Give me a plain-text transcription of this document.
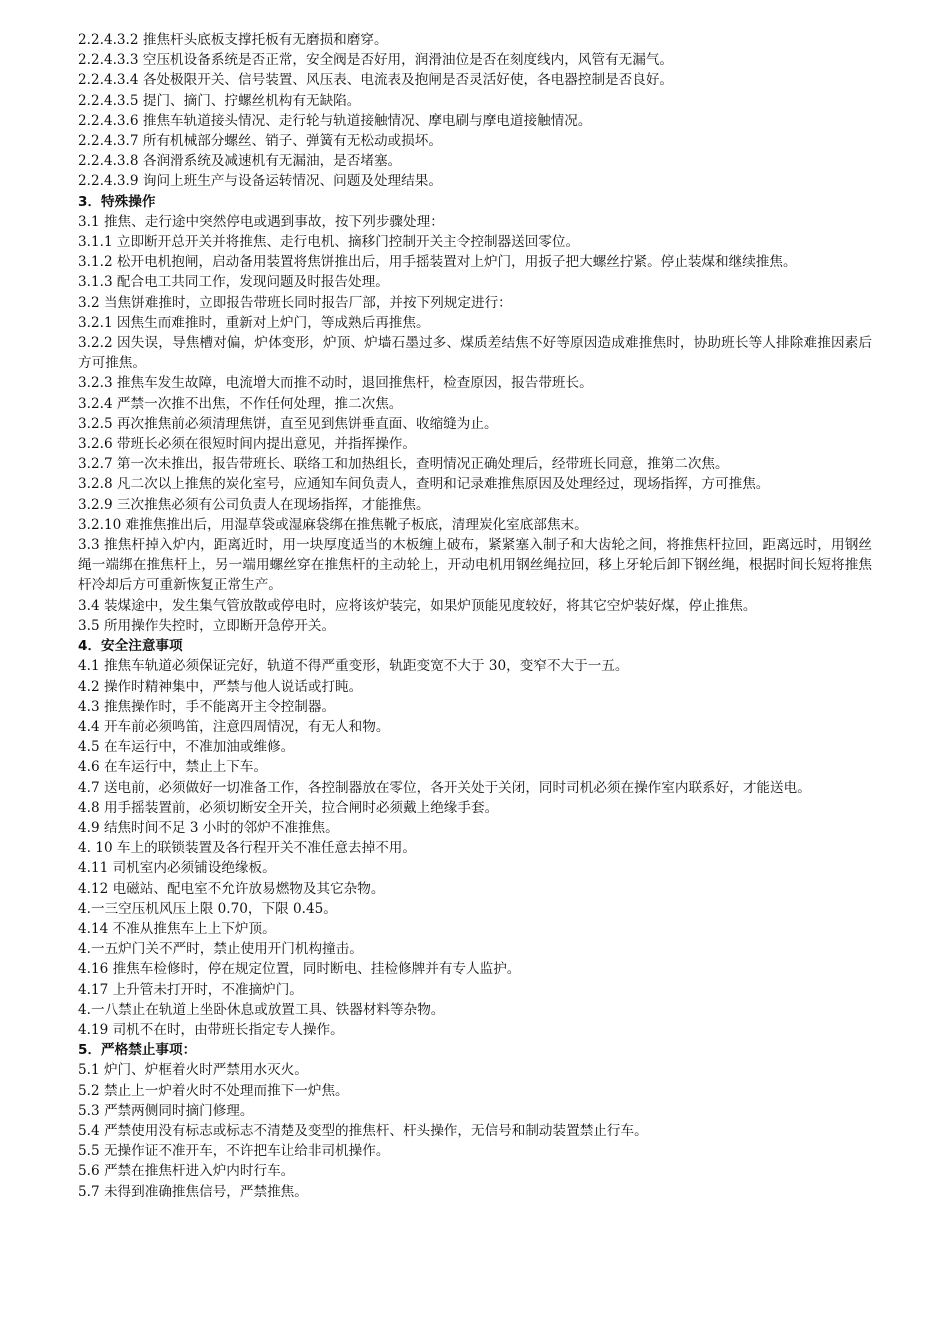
2.2.4.3.2 推焦杆头底板支撑托板有无磨损和磨穿。

2.2.4.3.3 空压机设备系统是否正常，安全阀是否好用，润滑油位是否在刻度线内，风管有无漏气。

2.2.4.3.4 各处极限开关、信号装置、风压表、电流表及抱闸是否灵活好使，各电器控制是否良好。

2.2.4.3.5 提门、摘门、拧螺丝机构有无缺陷。

2.2.4.3.6 推焦车轨道接头情况、走行轮与轨道接触情况、摩电刷与摩电道接触情况。

2.2.4.3.7 所有机械部分螺丝、销子、弹簧有无松动或损坏。

2.2.4.3.8 各润滑系统及减速机有无漏油，是否堵塞。

2.2.4.3.9 询问上班生产与设备运转情况、问题及处理结果。

3．特殊操作

3.1 推焦、走行途中突然停电或遇到事故，按下列步骤处理：

3.1.1 立即断开总开关并将推焦、走行电机、摘移门控制开关主令控制器送回零位。

3.1.2 松开电机抱闸，启动备用装置将焦饼推出后，用手摇装置对上炉门，用扳子把大螺丝拧紧。停止装煤和继续推焦。

3.1.3 配合电工共同工作，发现问题及时报告处理。

3.2 当焦饼难推时，立即报告带班长同时报告厂部，并按下列规定进行：

3.2.1 因焦生而难推时，重新对上炉门，等成熟后再推焦。

3.2.2 因失误，导焦槽对偏，炉体变形，炉顶、炉墙石墨过多、煤质差结焦不好等原因造成难推焦时，协助班长等人排除难推因素后方可推焦。

3.2.3 推焦车发生故障，电流增大而推不动时，退回推焦杆，检查原因，报告带班长。

3.2.4 严禁一次推不出焦，不作任何处理，推二次焦。

3.2.5 再次推焦前必须清理焦饼，直至见到焦饼垂直面、收缩缝为止。

3.2.6 带班长必须在很短时间内提出意见，并指挥操作。

3.2.7 第一次未推出，报告带班长、联络工和加热组长，查明情况正确处理后，经带班长同意，推第二次焦。

3.2.8 凡二次以上推焦的炭化室号，应通知车间负责人，查明和记录难推焦原因及处理经过，现场指挥，方可推焦。

3.2.9 三次推焦必须有公司负责人在现场指挥，才能推焦。

3.2.10 难推焦推出后，用湿草袋或湿麻袋绑在推焦靴子板底，清理炭化室底部焦末。

3.3 推焦杆掉入炉内，距离近时，用一块厚度适当的木板缠上破布，紧紧塞入制子和大齿轮之间，将推焦杆拉回，距离远时，用钢丝绳一端绑在推焦杆上，另一端用螺丝穿在推焦杆的主动轮上，开动电机用钢丝绳拉回，移上牙轮后卸下钢丝绳，根据时间长短将推焦杆冷却后方可重新恢复正常生产。

3.4 装煤途中，发生集气管放散或停电时，应将该炉装完，如果炉顶能见度较好，将其它空炉装好煤，停止推焦。

3.5 所用操作失控时，立即断开急停开关。

4．安全注意事项

4.1 推焦车轨道必须保证完好，轨道不得严重变形，轨距变宽不大于 30，变窄不大于一五。

4.2 操作时精神集中，严禁与他人说话或打盹。

4.3 推焦操作时，手不能离开主令控制器。

4.4 开车前必须鸣笛，注意四周情况，有无人和物。

4.5 在车运行中，不准加油或维修。

4.6 在车运行中，禁止上下车。

4.7 送电前，必须做好一切准备工作，各控制器放在零位，各开关处于关闭，同时司机必须在操作室内联系好，才能送电。

4.8 用手摇装置前，必须切断安全开关，拉合闸时必须戴上绝缘手套。

4.9 结焦时间不足 3 小时的邻炉不准推焦。

4. 10 车上的联锁装置及各行程开关不准任意去掉不用。

4.11 司机室内必须铺设绝缘板。

4.12 电磁站、配电室不允许放易燃物及其它杂物。

4.一三空压机风压上限 0.70，下限 0.45。

4.14 不准从推焦车上上下炉顶。

4.一五炉门关不严时，禁止使用开门机构撞击。

4.16 推焦车检修时，停在规定位置，同时断电、挂检修牌并有专人监护。

4.17 上升管未打开时，不准摘炉门。

4.一八禁止在轨道上坐卧休息或放置工具、铁器材料等杂物。

4.19 司机不在时，由带班长指定专人操作。

5．严格禁止事项：

5.1 炉门、炉框着火时严禁用水灭火。

5.2 禁止上一炉着火时不处理而推下一炉焦。

5.3 严禁两侧同时摘门修理。

5.4 严禁使用没有标志或标志不清楚及变型的推焦杆、杆头操作，无信号和制动装置禁止行车。

5.5 无操作证不准开车，不许把车让给非司机操作。

5.6 严禁在推焦杆进入炉内时行车。

5.7 未得到准确推焦信号，严禁推焦。
